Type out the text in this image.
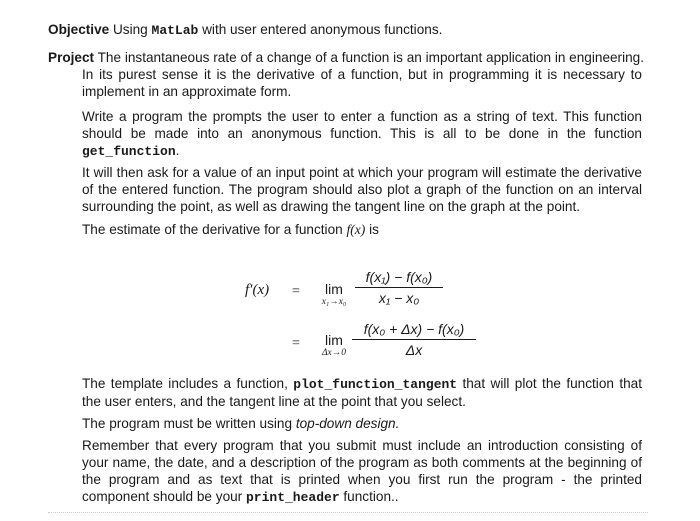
Objective Using MatLab with user entered anonymous functions.
Project The instantaneous rate of a change of a function is an important application in engineering.
In its purest sense it is the derivative of a function, but in programming it is necessary to implement in an approximate form.
Write a program the prompts the user to enter a function as a string of text. This function should be made into an anonymous function. This is all to be done in the function get_function.
It will then ask for a value of an input point at which your program will estimate the derivative of the entered function. The program should also plot a graph of the function on an interval surrounding the point, as well as drawing the tangent line on the graph at the point.
The estimate of the derivative for a function f(x) is
f′(x) =	lim
x₁→x₀
f(x₁) − f(x₀)
x₁ − x₀
=	lim
Δx→0
f(x₀ + Δx) − f(x₀)
Δx
The template includes a function, plot_function_tangent that will plot the function that the user enters, and the tangent line at the point that you select.
The program must be written using top-down design.
Remember that every program that you submit must include an introduction consisting of your name, the date, and a description of the program as both comments at the beginning of the program and as text that is printed when you first run the program - the printed component should be your print_header function..
